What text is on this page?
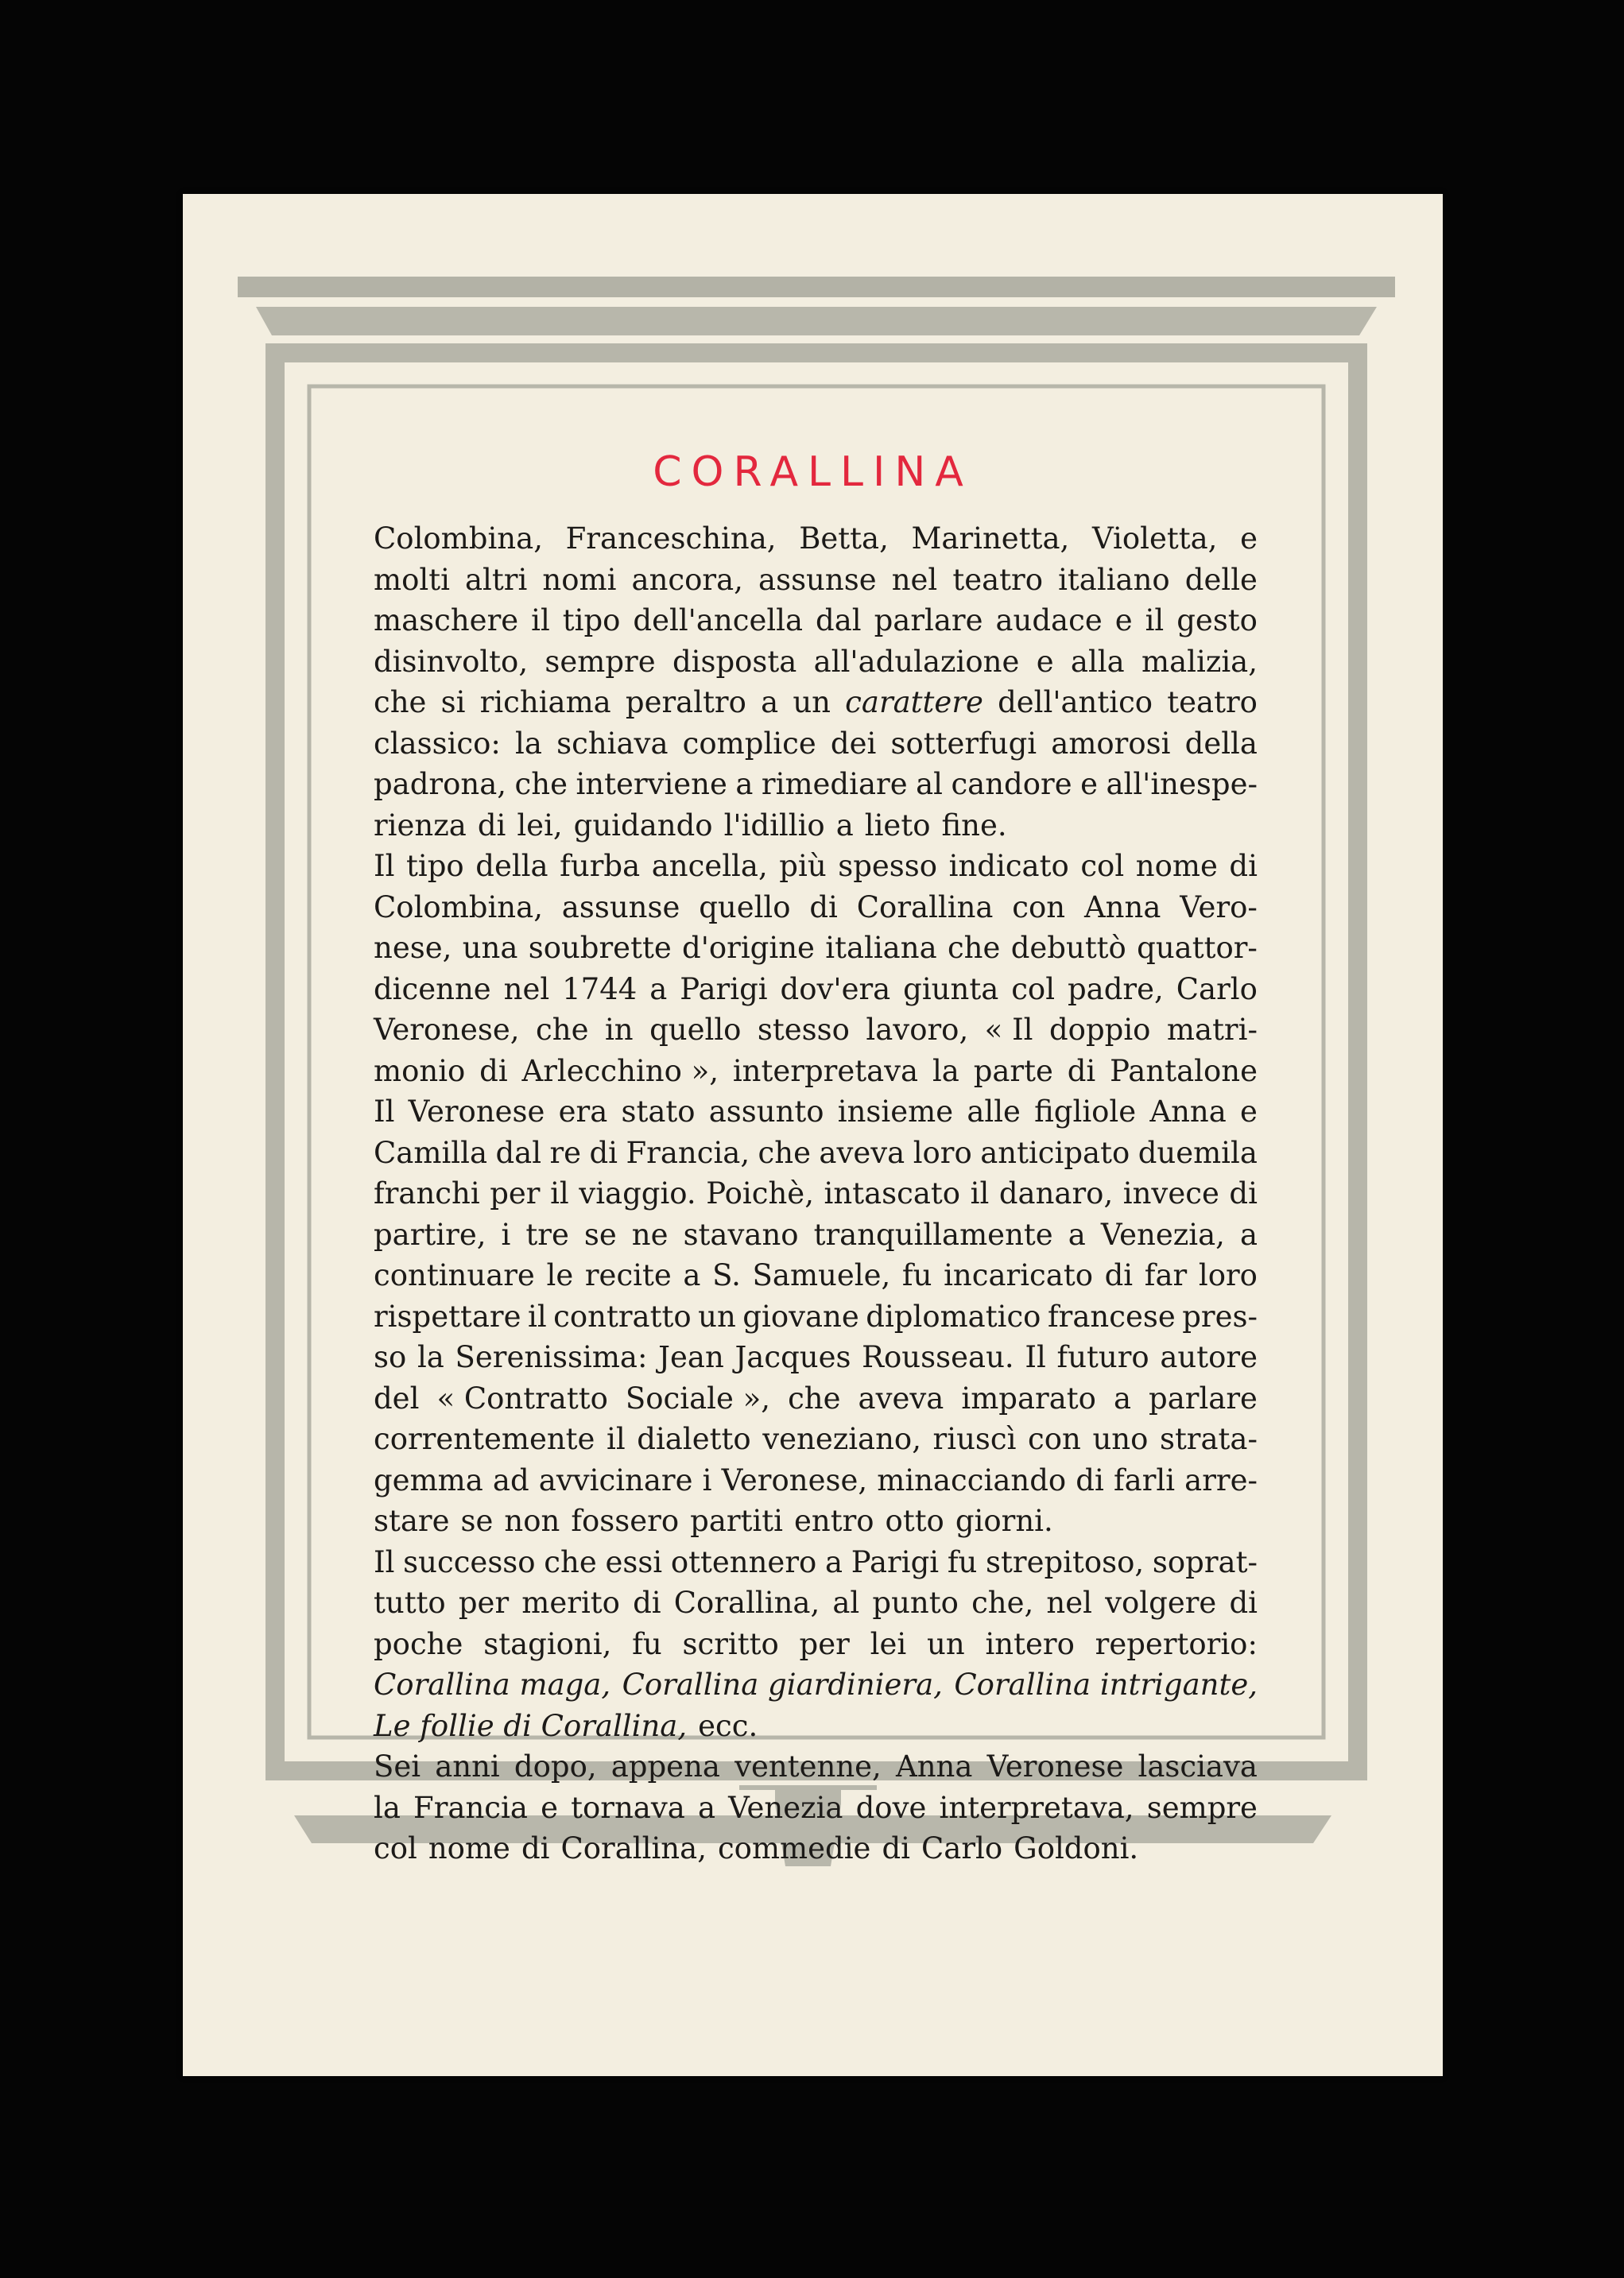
CORALLINA
Colombina, Franceschina, Betta, Marinetta, Violetta, e
molti altri nomi ancora, assunse nel teatro italiano delle
maschere il tipo dell'ancella dal parlare audace e il gesto
disinvolto, sempre disposta all'adulazione e alla malizia,
che si richiama peraltro a un carattere dell'antico teatro
classico: la schiava complice dei sotterfugi amorosi della
padrona, che interviene a rimediare al candore e all'inespe-
rienza di lei, guidando l'idillio a lieto fine.
Il tipo della furba ancella, più spesso indicato col nome di
Colombina, assunse quello di Corallina con Anna Vero-
nese, una soubrette d'origine italiana che debuttò quattor-
dicenne nel 1744 a Parigi dov'era giunta col padre, Carlo
Veronese, che in quello stesso lavoro, « Il doppio matri-
monio di Arlecchino », interpretava la parte di Pantalone
Il Veronese era stato assunto insieme alle figliole Anna e
Camilla dal re di Francia, che aveva loro anticipato duemila
franchi per il viaggio. Poichè, intascato il danaro, invece di
partire, i tre se ne stavano tranquillamente a Venezia, a
continuare le recite a S. Samuele, fu incaricato di far loro
rispettare il contratto un giovane diplomatico francese pres-
so la Serenissima: Jean Jacques Rousseau. Il futuro autore
del « Contratto Sociale », che aveva imparato a parlare
correntemente il dialetto veneziano, riuscì con uno strata-
gemma ad avvicinare i Veronese, minacciando di farli arre-
stare se non fossero partiti entro otto giorni.
Il successo che essi ottennero a Parigi fu strepitoso, soprat-
tutto per merito di Corallina, al punto che, nel volgere di
poche stagioni, fu scritto per lei un intero repertorio:
Corallina maga, Corallina giardiniera, Corallina intrigante,
Le follie di Corallina, ecc.
Sei anni dopo, appena ventenne, Anna Veronese lasciava
la Francia e tornava a Venezia dove interpretava, sempre
col nome di Corallina, commedie di Carlo Goldoni.
